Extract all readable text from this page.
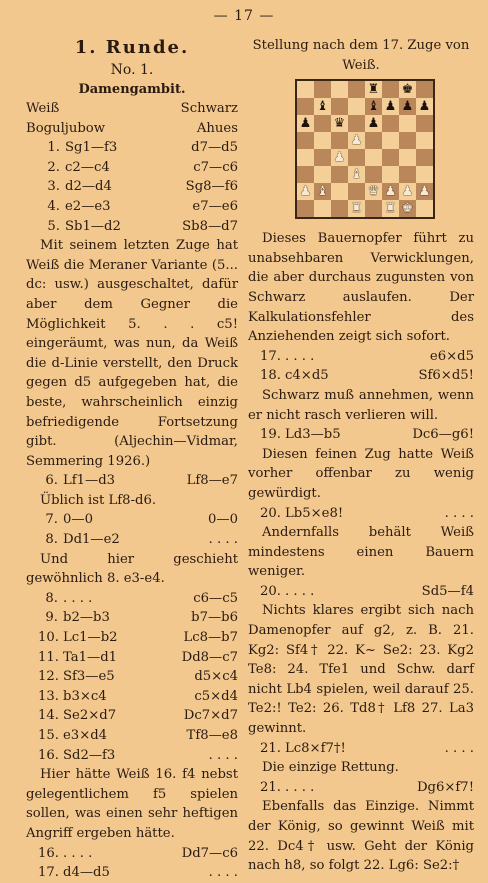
— 17 —
1. Runde.
No. 1.
Damengambit.
Weiß	Schwarz
Boguljubow	Ahues
1. Sg1—f3	d7—d5
2. c2—c4	c7—c6
3. d2—d4	Sg8—f6
4. e2—e3	e7—e6
5. Sb1—d2	Sb8—d7
Mit seinem letzten Zuge hat Weiß die Meraner Variante (5... dc: usw.) ausgeschaltet, dafür aber dem Gegner die Möglichkeit 5. . . c5! eingeräumt, was nun, da Weiß die d-Linie verstellt, den Druck gegen d5 aufgegeben hat, die beste, wahrscheinlich einzig befriedigende Fortsetzung gibt. (Aljechin—Vidmar, Semmering 1926.)
6. Lf1—d3	Lf8—e7
Üblich ist Lf8-d6.
7. 0—0	0—0
8. Dd1—e2	. . . .
Und hier geschieht gewöhnlich 8. e3-e4.
8. . . . .	c6—c5
9. b2—b3	b7—b6
10. Lc1—b2	Lc8—b7
11. Ta1—d1	Dd8—c7
12. Sf3—e5	d5×c4
13. b3×c4	c5×d4
14. Se2×d7	Dc7×d7
15. e3×d4	Tf8—e8
16. Sd2—f3	. . . .
Hier hätte Weiß 16. f4 nebst gelegentlichem f5 spielen sollen, was einen sehr heftigen Angriff ergeben hätte.
16. . . . .	Dd7—c6
17. d4—d5	. . . .
Stellung nach dem 17. Zuge von Weiß.
♜ ♚
♝	♝ ♟ ♟ ♟
♟ ♛ ♟
♟
♟
♝
♟ ♝	♛ ♟ ♟ ♟
♜ ♜ ♚
Dieses Bauernopfer führt zu unabsehbaren Verwicklungen, die aber durchaus zugunsten von Schwarz auslaufen. Der Kalkulationsfehler des Anziehenden zeigt sich sofort.
17. . . . .	e6×d5
18. c4×d5	Sf6×d5!
Schwarz muß annehmen, wenn er nicht rasch verlieren will.
19. Ld3—b5	Dc6—g6!
Diesen feinen Zug hatte Weiß vorher offenbar zu wenig gewürdigt.
20. Lb5×e8!	. . . .
Andernfalls behält Weiß mindestens einen Bauern weniger.
20. . . . .	Sd5—f4
Nichts klares ergibt sich nach Damenopfer auf g2, z. B. 21. Kg2: Sf4† 22. K~ Se2: 23. Kg2 Te8: 24. Tfe1 und Schw. darf nicht Lb4 spielen, weil darauf 25. Te2:! Te2: 26. Td8† Lf8 27. La3 gewinnt.
21. Lc8×f7†!	. . . .
Die einzige Rettung.
21. . . . .	Dg6×f7!
Ebenfalls das Einzige. Nimmt der König, so gewinnt Weiß mit 22. Dc4† usw. Geht der König nach h8, so folgt 22. Lg6: Se2:†
